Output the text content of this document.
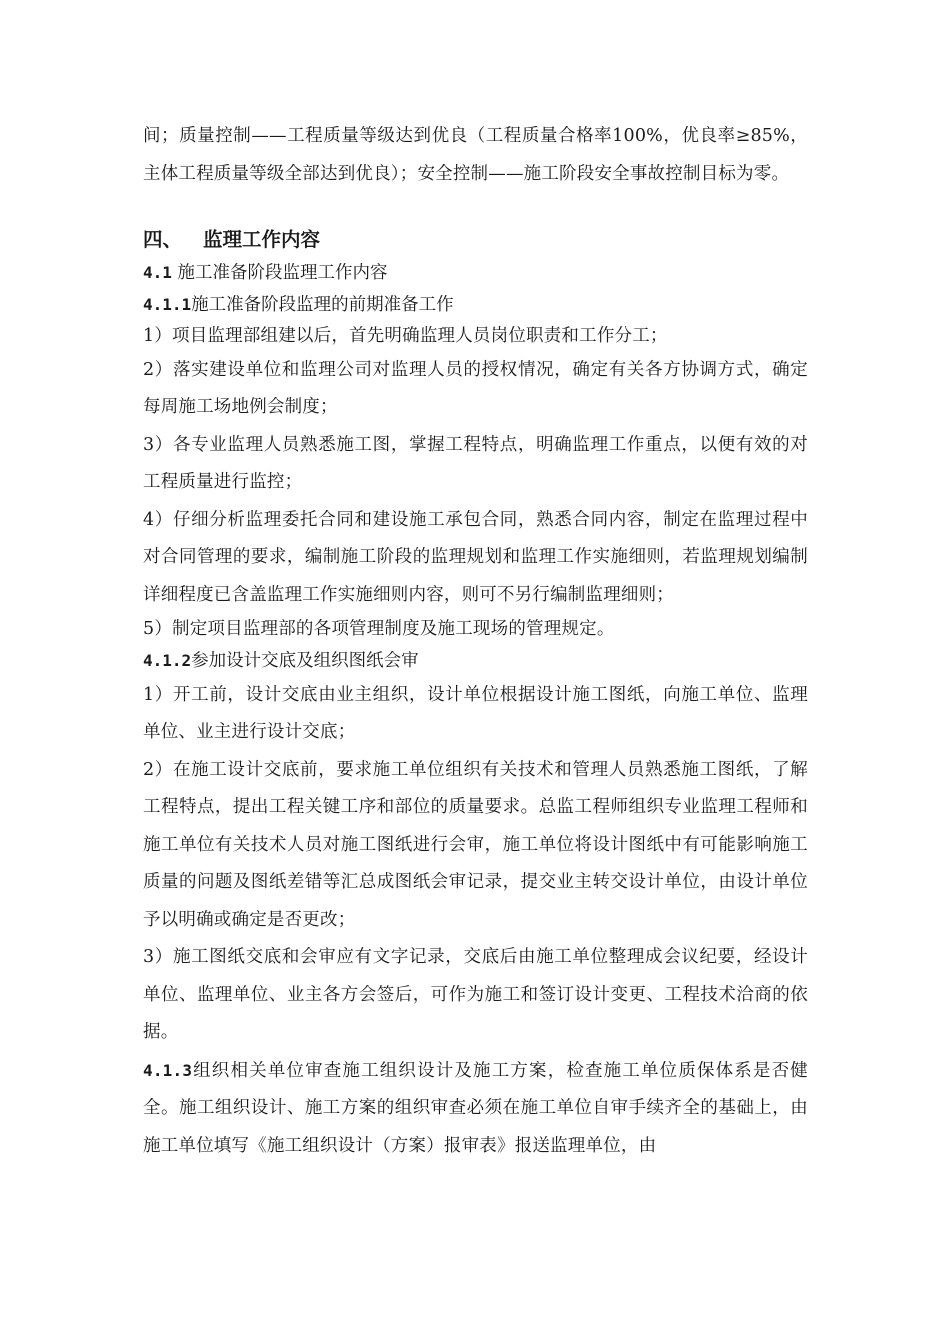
间；质量控制——工程质量等级达到优良（工程质量合格率100%，优良率≥85%，主体工程质量等级全部达到优良）；安全控制——施工阶段安全事故控制目标为零。

四、 监理工作内容
4.1 施工准备阶段监理工作内容
4.1.1施工准备阶段监理的前期准备工作

1）项目监理部组建以后，首先明确监理人员岗位职责和工作分工；

2）落实建设单位和监理公司对监理人员的授权情况，确定有关各方协调方式，确定每周施工场地例会制度；

3）各专业监理人员熟悉施工图，掌握工程特点，明确监理工作重点，以便有效的对工程质量进行监控；

4）仔细分析监理委托合同和建设施工承包合同，熟悉合同内容，制定在监理过程中对合同管理的要求，编制施工阶段的监理规划和监理工作实施细则，若监理规划编制详细程度已含盖监理工作实施细则内容，则可不另行编制监理细则；

5）制定项目监理部的各项管理制度及施工现场的管理规定。

4.1.2参加设计交底及组织图纸会审

1）开工前，设计交底由业主组织，设计单位根据设计施工图纸，向施工单位、监理单位、业主进行设计交底；

2）在施工设计交底前，要求施工单位组织有关技术和管理人员熟悉施工图纸，了解工程特点，提出工程关键工序和部位的质量要求。总监工程师组织专业监理工程师和施工单位有关技术人员对施工图纸进行会审，施工单位将设计图纸中有可能影响施工质量的问题及图纸差错等汇总成图纸会审记录，提交业主转交设计单位，由设计单位予以明确或确定是否更改；

3）施工图纸交底和会审应有文字记录，交底后由施工单位整理成会议纪要，经设计单位、监理单位、业主各方会签后，可作为施工和签订设计变更、工程技术洽商的依据。

4.1.3组织相关单位审查施工组织设计及施工方案，检查施工单位质保体系是否健全。施工组织设计、施工方案的组织审查必须在施工单位自审手续齐全的基础上，由施工单位填写《施工组织设计（方案）报审表》报送监理单位，由
